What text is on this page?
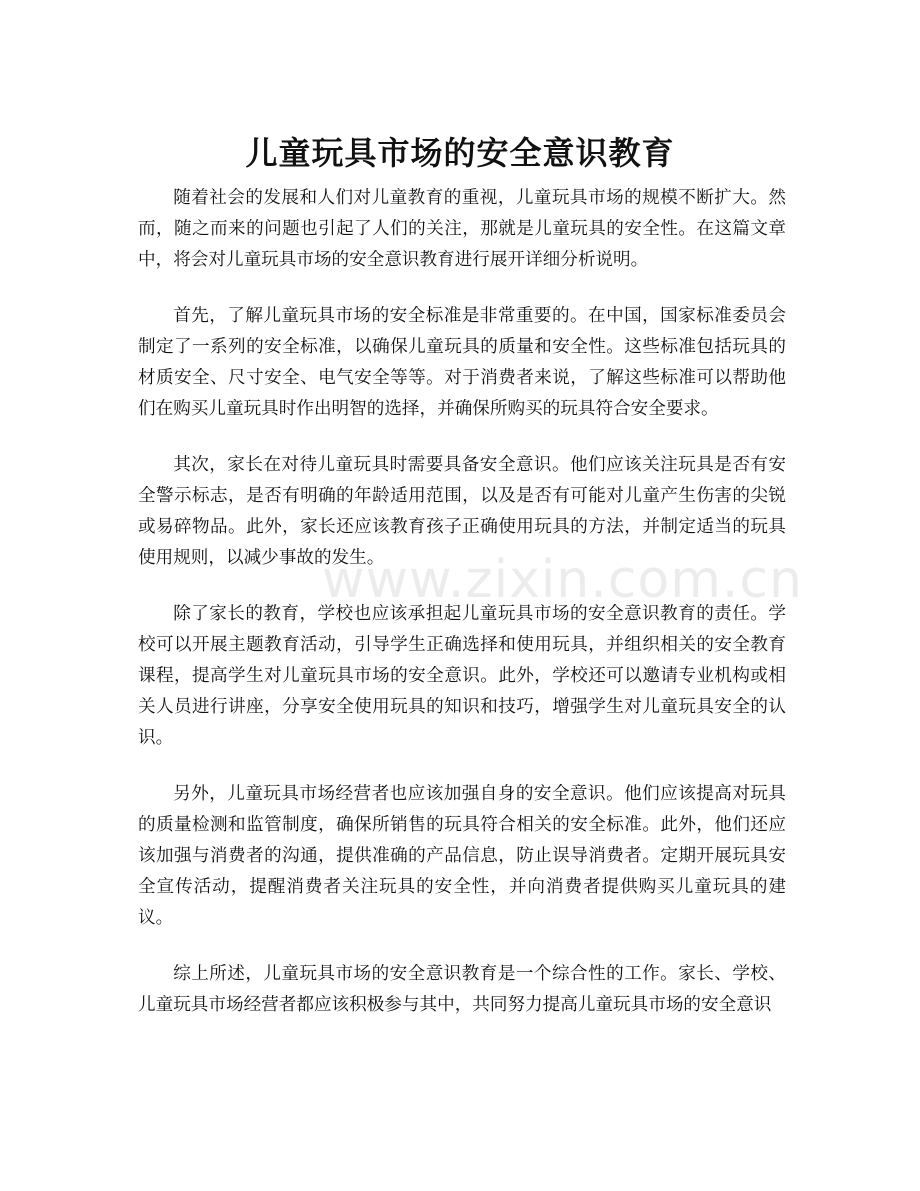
儿童玩具市场的安全意识教育

随着社会的发展和人们对儿童教育的重视，儿童玩具市场的规模不断扩大。然而，随之而来的问题也引起了人们的关注，那就是儿童玩具的安全性。在这篇文章中，将会对儿童玩具市场的安全意识教育进行展开详细分析说明。

首先，了解儿童玩具市场的安全标准是非常重要的。在中国，国家标准委员会制定了一系列的安全标准，以确保儿童玩具的质量和安全性。这些标准包括玩具的材质安全、尺寸安全、电气安全等等。对于消费者来说，了解这些标准可以帮助他们在购买儿童玩具时作出明智的选择，并确保所购买的玩具符合安全要求。

其次，家长在对待儿童玩具时需要具备安全意识。他们应该关注玩具是否有安全警示标志，是否有明确的年龄适用范围，以及是否有可能对儿童产生伤害的尖锐或易碎物品。此外，家长还应该教育孩子正确使用玩具的方法，并制定适当的玩具使用规则，以减少事故的发生。

除了家长的教育，学校也应该承担起儿童玩具市场的安全意识教育的责任。学校可以开展主题教育活动，引导学生正确选择和使用玩具，并组织相关的安全教育课程，提高学生对儿童玩具市场的安全意识。此外，学校还可以邀请专业机构或相关人员进行讲座，分享安全使用玩具的知识和技巧，增强学生对儿童玩具安全的认识。

另外，儿童玩具市场经营者也应该加强自身的安全意识。他们应该提高对玩具的质量检测和监管制度，确保所销售的玩具符合相关的安全标准。此外，他们还应该加强与消费者的沟通，提供准确的产品信息，防止误导消费者。定期开展玩具安全宣传活动，提醒消费者关注玩具的安全性，并向消费者提供购买儿童玩具的建议。

综上所述，儿童玩具市场的安全意识教育是一个综合性的工作。家长、学校、儿童玩具市场经营者都应该积极参与其中，共同努力提高儿童玩具市场的安全意识

www.zixin.com.cn
